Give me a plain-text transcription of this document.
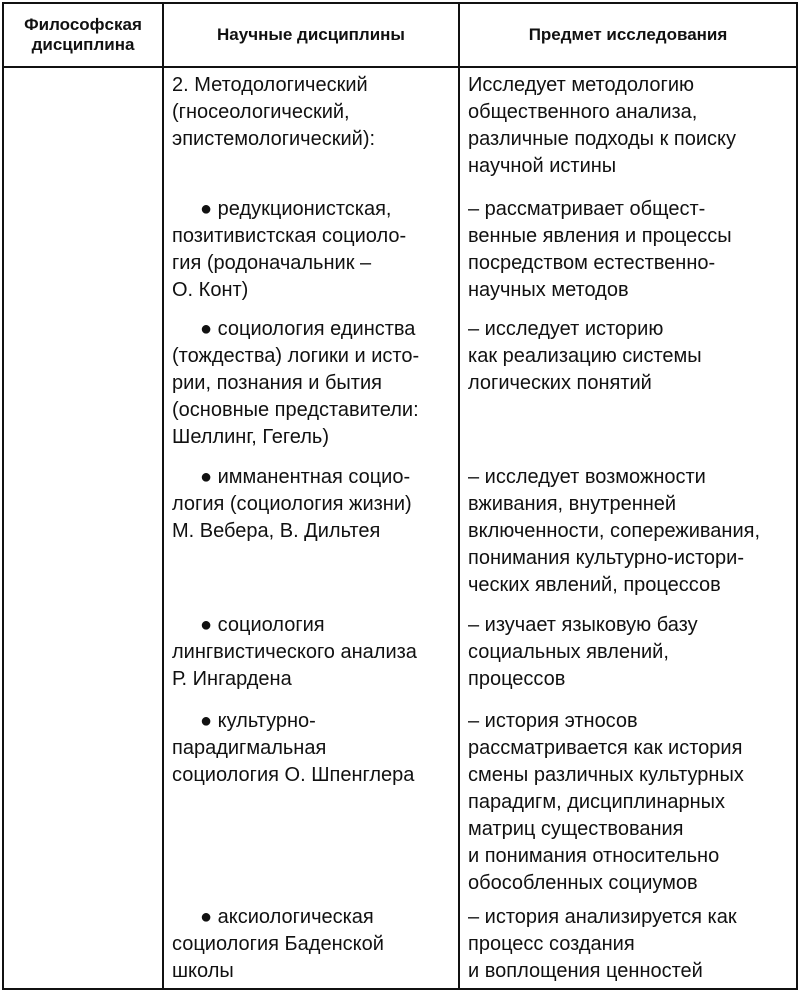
Философская
дисциплина
Научные дисциплины	Предмет исследования
2. Методологический
(гносеологический,
эпистемологический):
Исследует методологию
общественного анализа,
различные подходы к поиску
научной истины
● редукционистская,
позитивистская социоло-
гия (родоначальник –
О. Конт)
– рассматривает общест-
венные явления и процессы
посредством естественно-
научных методов
● социология единства
(тождества) логики и исто-
рии, познания и бытия
(основные представители:
Шеллинг, Гегель)
– исследует историю
как реализацию системы
логических понятий
● имманентная социо-
логия (социология жизни)
М. Вебера, В. Дильтея
– исследует возможности
вживания, внутренней
включенности, сопереживания,
понимания культурно-истори-
ческих явлений, процессов
● социология
лингвистического анализа
Р. Ингардена
– изучает языковую базу
социальных явлений,
процессов
● культурно-
парадигмальная
социология О. Шпенглера
– история этносов
рассматривается как история
смены различных культурных
парадигм, дисциплинарных
матриц существования
и понимания относительно
обособленных социумов
● аксиологическая
социология Баденской
школы
– история анализируется как
процесс создания
и воплощения ценностей
